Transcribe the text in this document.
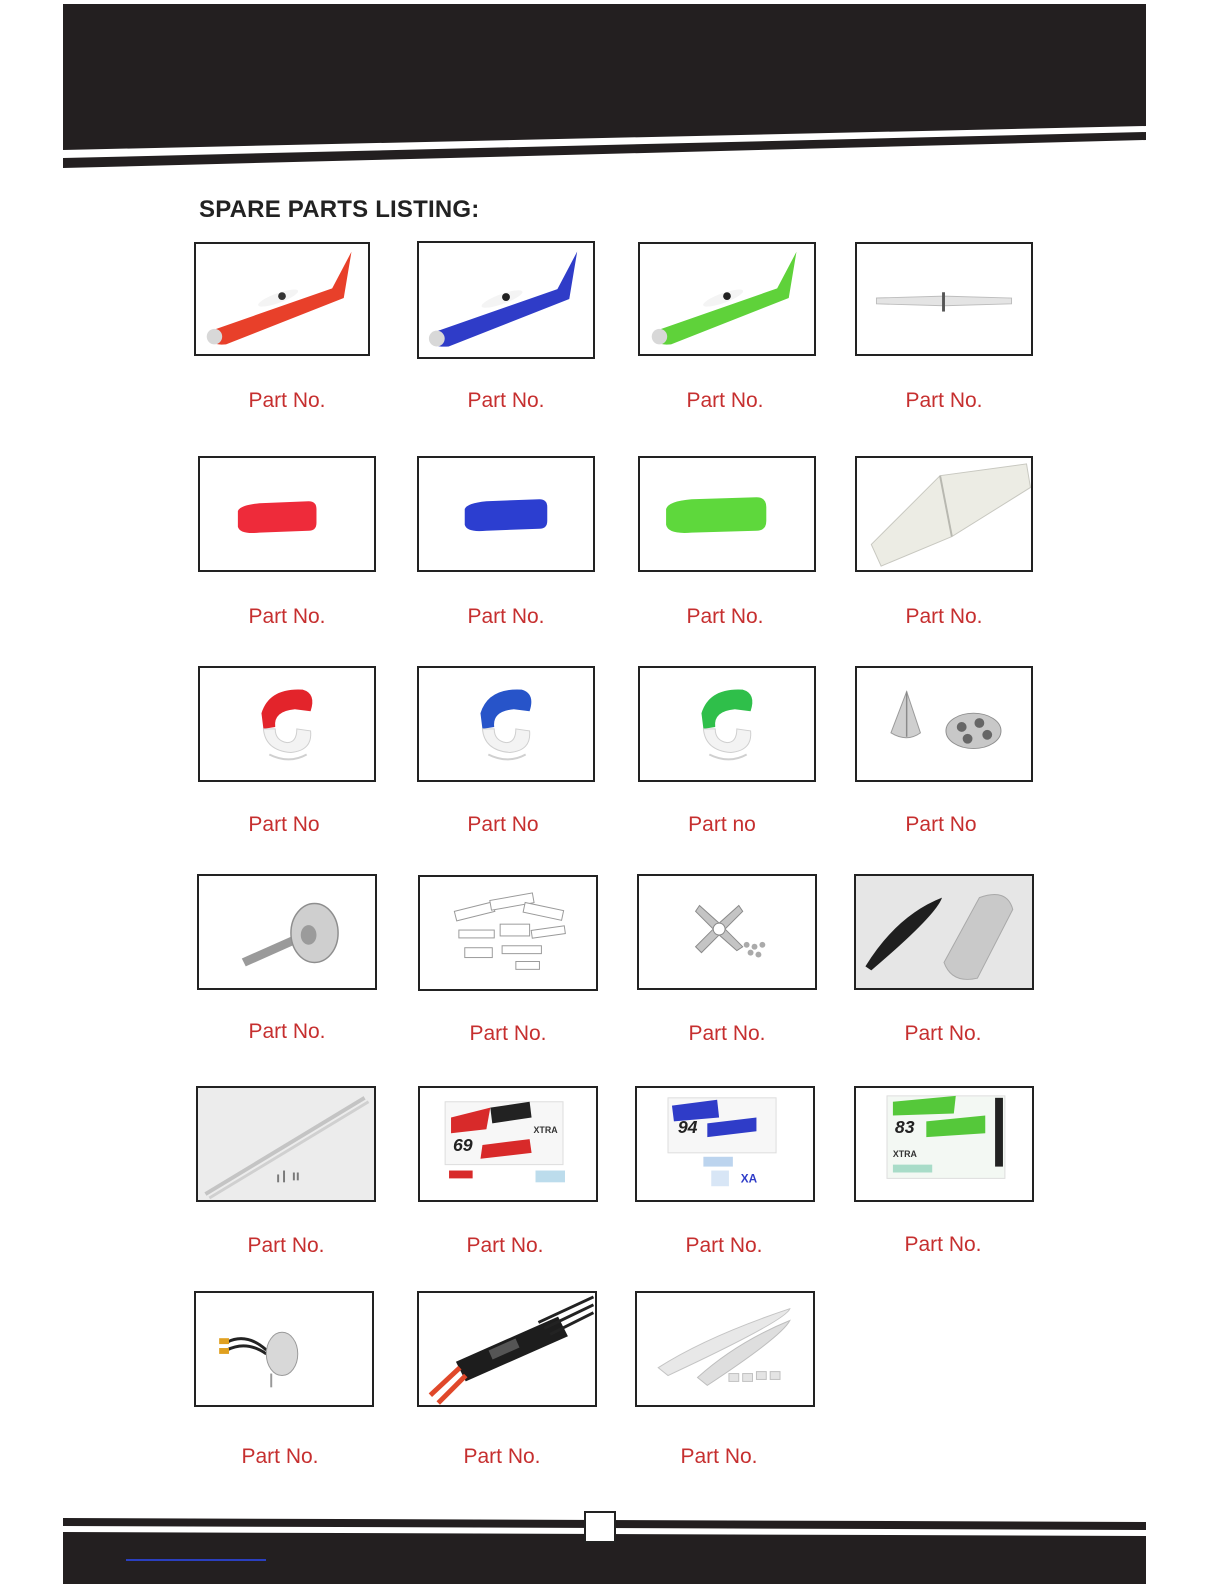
SPARE PARTS LISTING:
Part No.	Part No.	Part No.	Part No.
Part No.	Part No.	Part No.	Part No.
Part No	Part No	Part no	Part No
Part No.	Part No.	Part No.	Part No.
69
XTRA	94
XA
83
XTRA
Part No.	Part No.	Part No.	Part No.
Part No.	Part No.	Part No.
